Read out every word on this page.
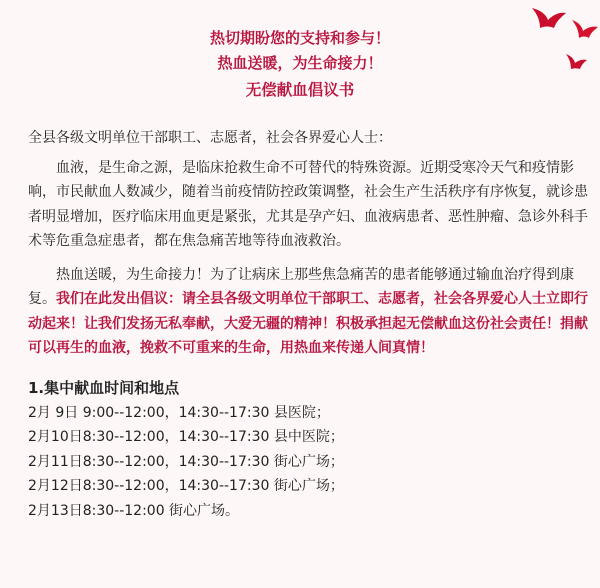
热切期盼您的支持和参与！
热血送暖，为生命接力！
无偿献血倡议书

全县各级文明单位干部职工、志愿者，社会各界爱心人士：

血液，是生命之源，是临床抢救生命不可替代的特殊资源。近期受寒冷天气和疫情影响，市民献血人数减少，随着当前疫情防控政策调整，社会生产生活秩序有序恢复，就诊患者明显增加，医疗临床用血更是紧张，尤其是孕产妇、血液病患者、恶性肿瘤、急诊外科手术等危重急症患者，都在焦急痛苦地等待血液救治。

热血送暖，为生命接力！为了让病床上那些焦急痛苦的患者能够通过输血治疗得到康复。我们在此发出倡议：请全县各级文明单位干部职工、志愿者，社会各界爱心人士立即行动起来！让我们发扬无私奉献，大爱无疆的精神！积极承担起无偿献血这份社会责任！捐献可以再生的血液，挽救不可重来的生命，用热血来传递人间真情！

1.集中献血时间和地点

2月 9日 9:00--12:00，14:30--17:30 县医院；

2月10日8:30--12:00，14:30--17:30 县中医院；

2月11日8:30--12:00，14:30--17:30 街心广场；

2月12日8:30--12:00，14:30--17:30 街心广场；

2月13日8:30--12:00 街心广场。
